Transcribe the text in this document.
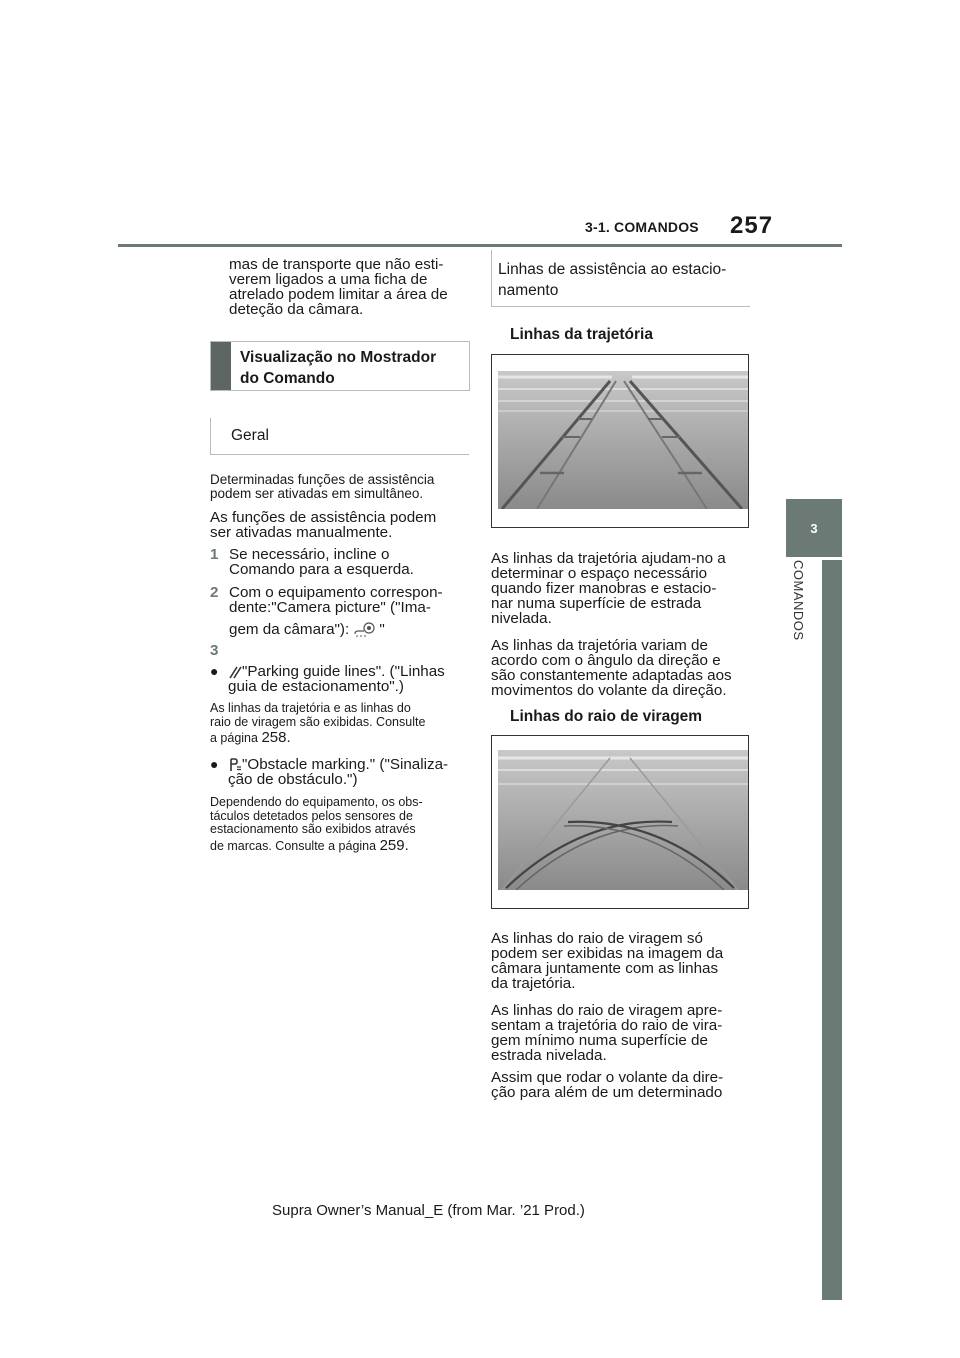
3-1. COMANDOS 257
3
COMANDOS
mas de transporte que não esti-
verem ligados a uma ficha de
atrelado podem limitar a área de
deteção da câmara.
Visualização no Mostrador
do Comando
Geral
Determinadas funções de assistência
podem ser ativadas em simultâneo.
As funções de assistência podem
ser ativadas manualmente.
1 Se necessário, incline o
Comando para a esquerda.
2 Com o equipamento correspon-
dente:"Camera picture" ("Ima-
gem da câmara"): "
3
●	"Parking guide lines". ("Linhas
guia de estacionamento".)
As linhas da trajetória e as linhas do
raio de viragem são exibidas. Consulte
a página 258.
●	"Obstacle marking." ("Sinaliza-
ção de obstáculo.")
Dependendo do equipamento, os obs-
táculos detetados pelos sensores de
estacionamento são exibidos através
de marcas. Consulte a página 259.
Linhas de assistência ao estacio-
namento
Linhas da trajetória
As linhas da trajetória ajudam-no a
determinar o espaço necessário
quando fizer manobras e estacio-
nar numa superfície de estrada
nivelada.
As linhas da trajetória variam de
acordo com o ângulo da direção e
são constantemente adaptadas aos
movimentos do volante da direção.
Linhas do raio de viragem
As linhas do raio de viragem só
podem ser exibidas na imagem da
câmara juntamente com as linhas
da trajetória.
As linhas do raio de viragem apre-
sentam a trajetória do raio de vira-
gem mínimo numa superfície de
estrada nivelada.
Assim que rodar o volante da dire-
ção para além de um determinado
Supra Owner’s Manual_E (from Mar. ’21 Prod.)
